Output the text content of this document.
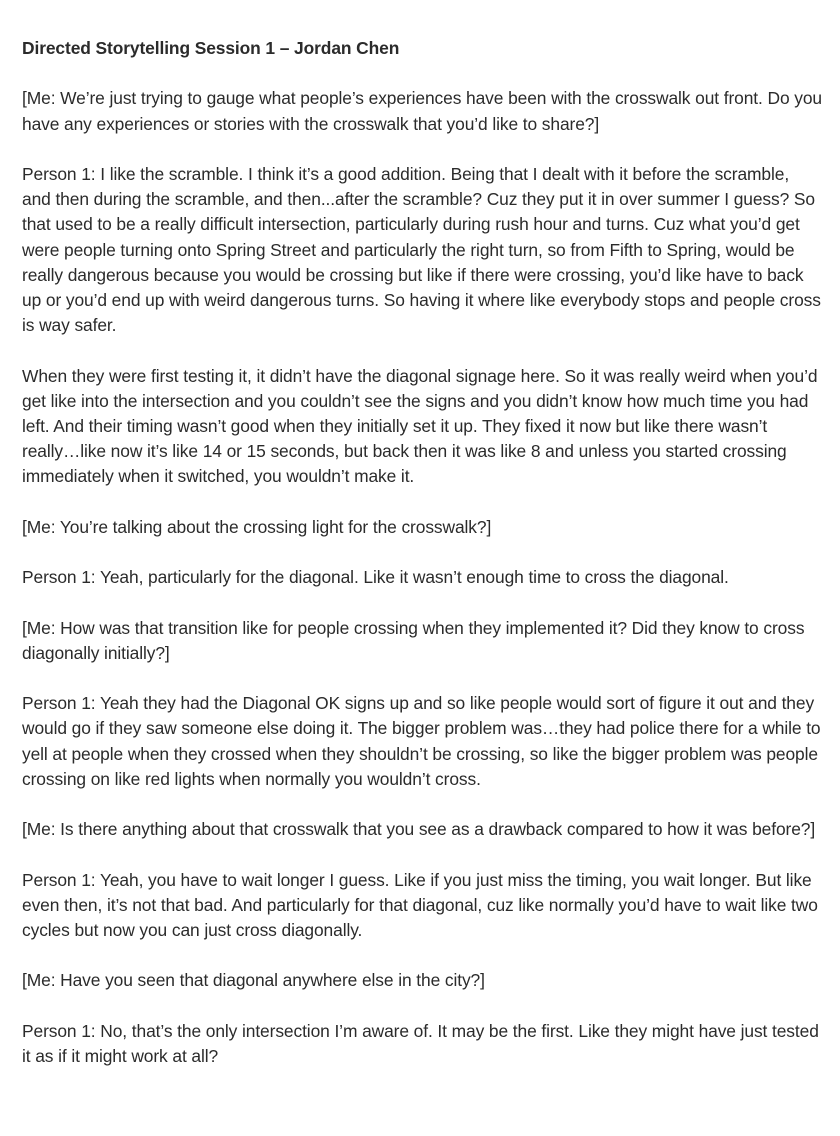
Directed Storytelling Session 1 – Jordan Chen
[Me: We’re just trying to gauge what people’s experiences have been with the crosswalk out front. Do you have any experiences or stories with the crosswalk that you’d like to share?]
Person 1: I like the scramble. I think it’s a good addition. Being that I dealt with it before the scramble, and then during the scramble, and then...after the scramble? Cuz they put it in over summer I guess? So that used to be a really difficult intersection, particularly during rush hour and turns. Cuz what you’d get were people turning onto Spring Street and particularly the right turn, so from Fifth to Spring, would be really dangerous because you would be crossing but like if there were crossing, you’d like have to back up or you’d end up with weird dangerous turns. So having it where like everybody stops and people cross is way safer.
When they were first testing it, it didn’t have the diagonal signage here. So it was really weird when you’d get like into the intersection and you couldn’t see the signs and you didn’t know how much time you had left. And their timing wasn’t good when they initially set it up. They fixed it now but like there wasn’t really…like now it’s like 14 or 15 seconds, but back then it was like 8 and unless you started crossing immediately when it switched, you wouldn’t make it.
[Me: You’re talking about the crossing light for the crosswalk?]
Person 1: Yeah, particularly for the diagonal. Like it wasn’t enough time to cross the diagonal.
[Me: How was that transition like for people crossing when they implemented it? Did they know to cross diagonally initially?]
Person 1: Yeah they had the Diagonal OK signs up and so like people would sort of figure it out and they would go if they saw someone else doing it. The bigger problem was…they had police there for a while to yell at people when they crossed when they shouldn’t be crossing, so like the bigger problem was people crossing on like red lights when normally you wouldn’t cross.
[Me: Is there anything about that crosswalk that you see as a drawback compared to how it was before?]
Person 1: Yeah, you have to wait longer I guess. Like if you just miss the timing, you wait longer. But like even then, it’s not that bad. And particularly for that diagonal, cuz like normally you’d have to wait like two cycles but now you can just cross diagonally.
[Me: Have you seen that diagonal anywhere else in the city?]
Person 1: No, that’s the only intersection I’m aware of. It may be the first. Like they might have just tested it as if it might work at all?
